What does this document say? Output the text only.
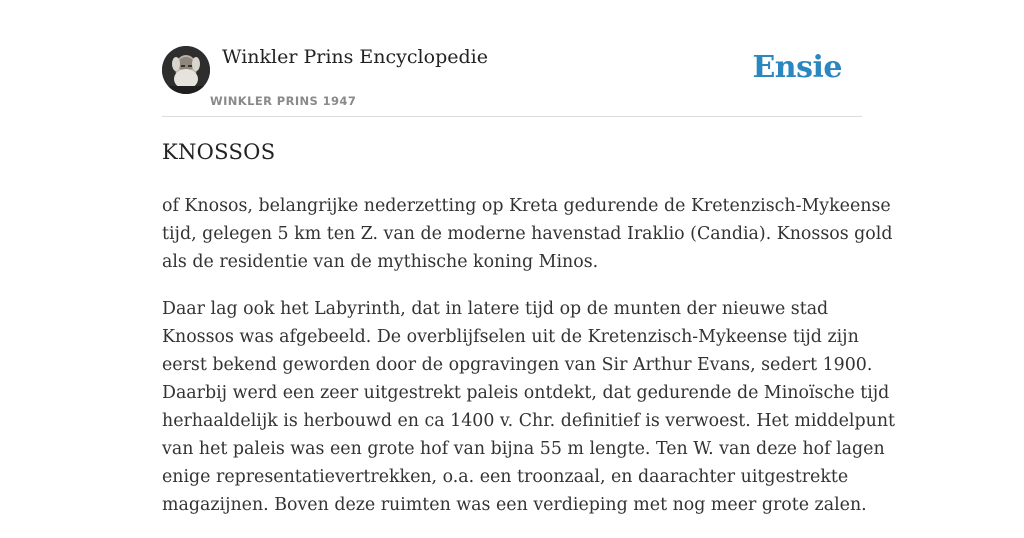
Winkler Prins Encyclopedie
WINKLER PRINS 1947
Ensie
KNOSSOS

of Knosos, belangrijke nederzetting op Kreta gedurende de Kretenzisch-Mykeense
tijd, gelegen 5 km ten Z. van de moderne havenstad Iraklio (Candia). Knossos gold
als de residentie van de mythische koning Minos.

Daar lag ook het Labyrinth, dat in latere tijd op de munten der nieuwe stad
Knossos was afgebeeld. De overblijfselen uit de Kretenzisch-Mykeense tijd zijn
eerst bekend geworden door de opgravingen van Sir Arthur Evans, sedert 1900.
Daarbij werd een zeer uitgestrekt paleis ontdekt, dat gedurende de Minoïsche tijd
herhaaldelijk is herbouwd en ca 1400 v. Chr. definitief is verwoest. Het middelpunt
van het paleis was een grote hof van bijna 55 m lengte. Ten W. van deze hof lagen
enige representatievertrekken, o.a. een troonzaal, en daarachter uitgestrekte
magazijnen. Boven deze ruimten was een verdieping met nog meer grote zalen.
